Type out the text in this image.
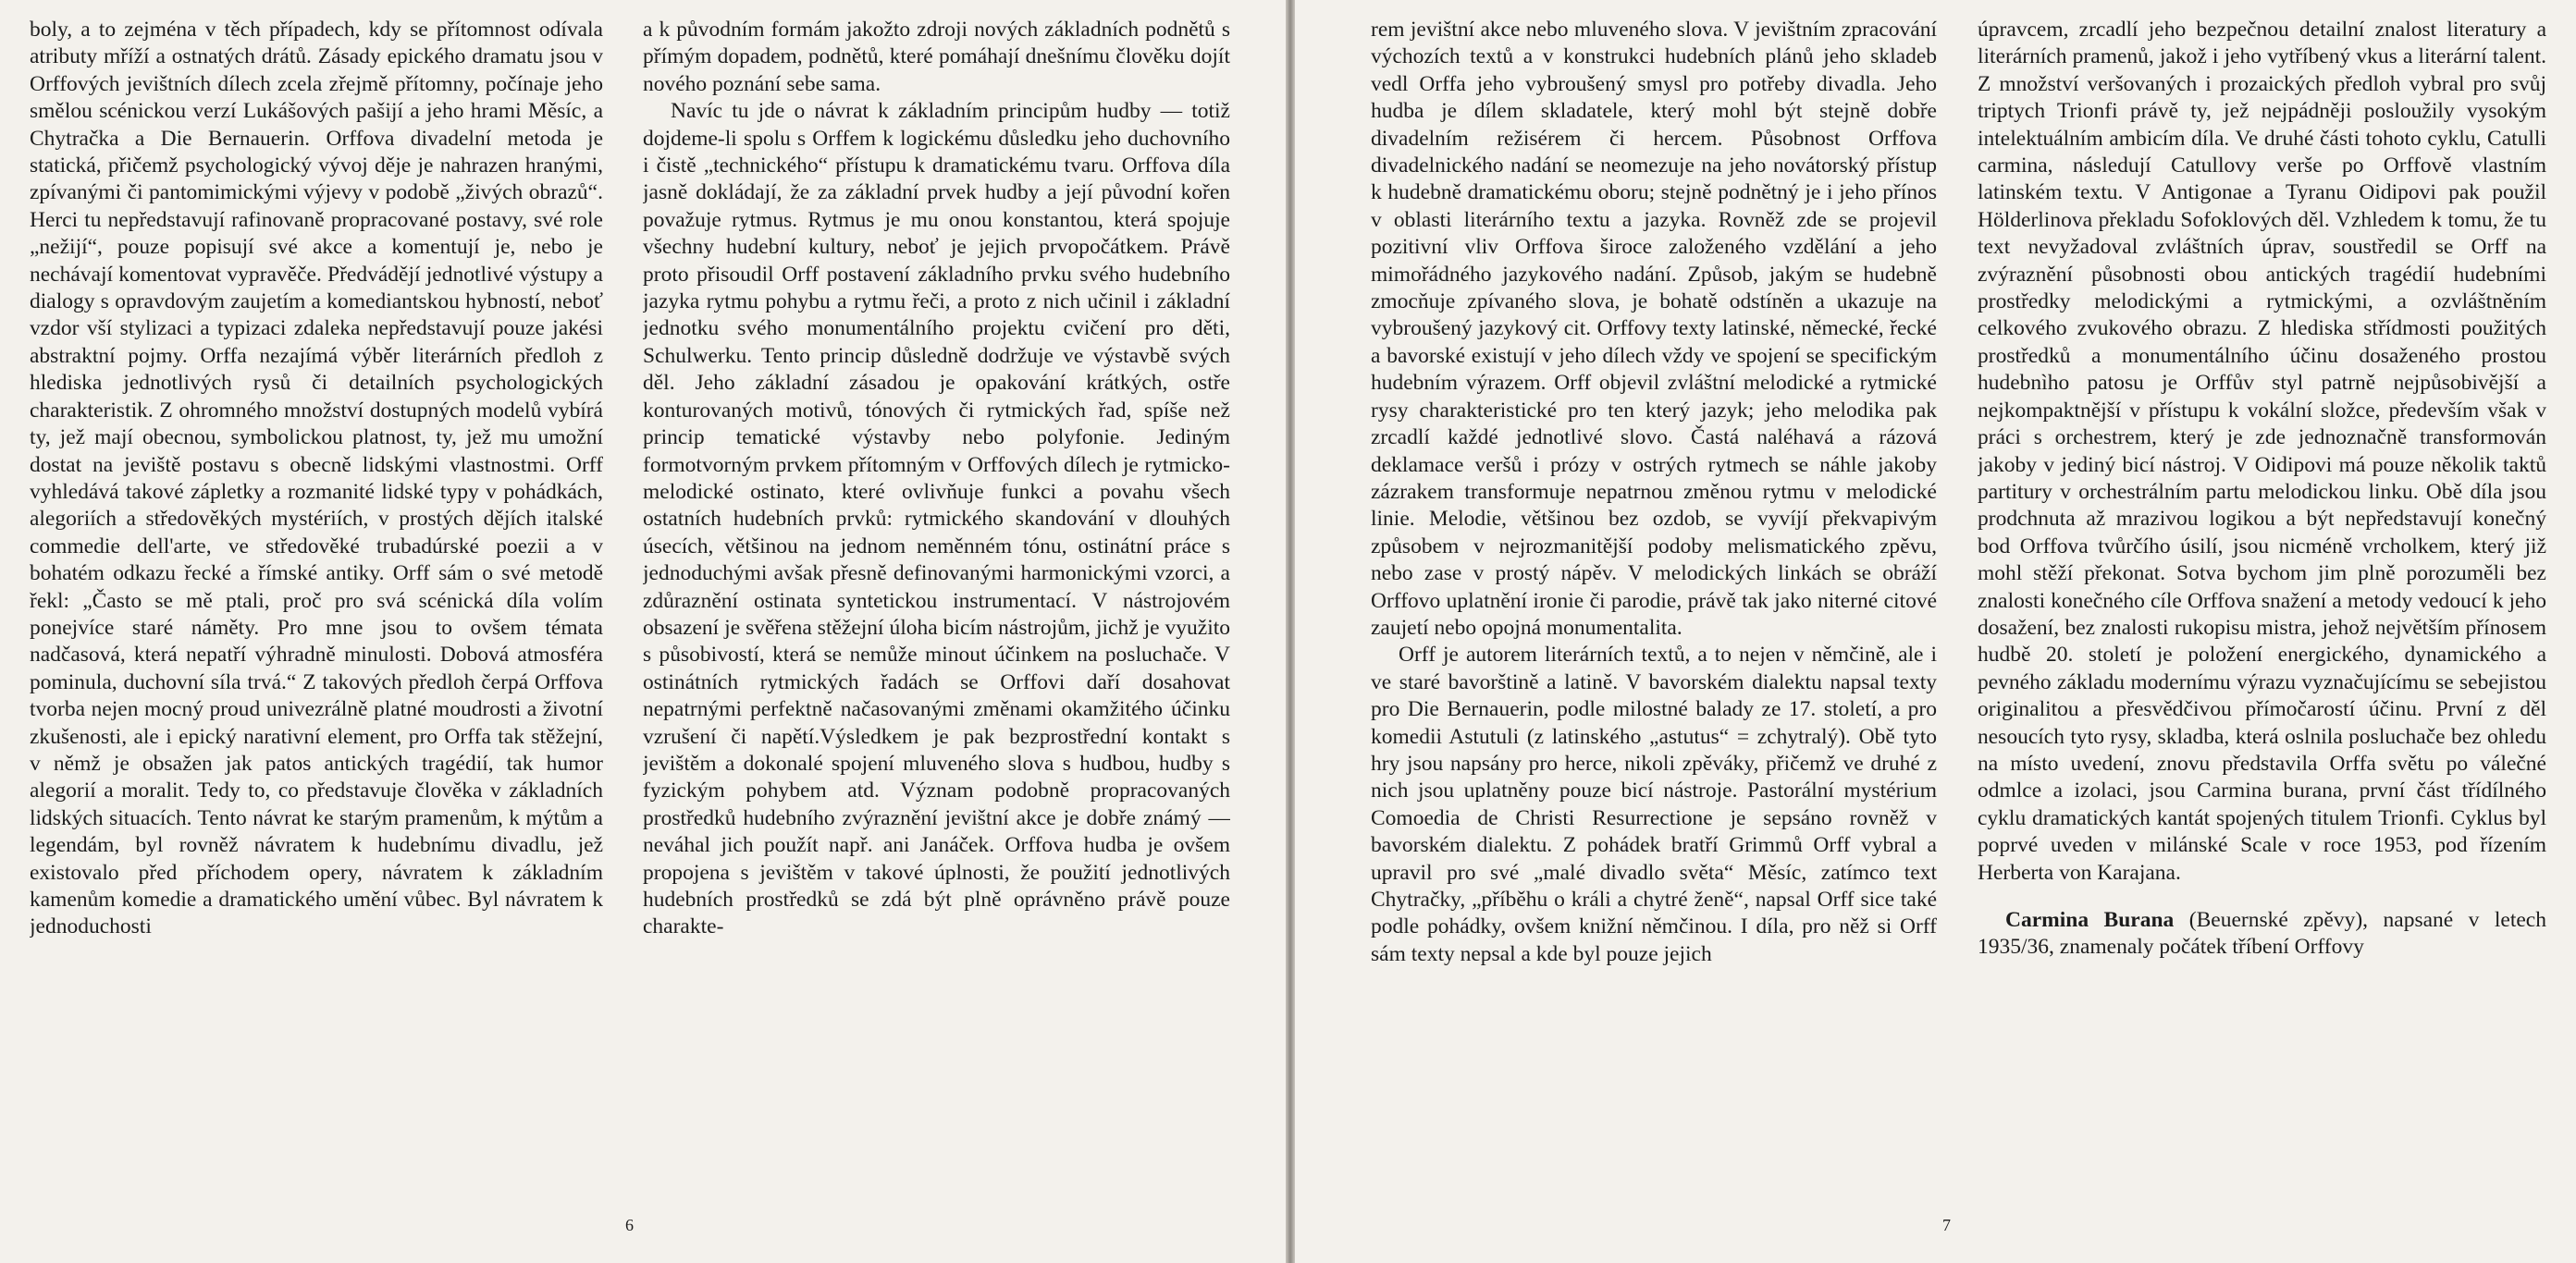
boly, a to zejména v těch případech, kdy se přítomnost odívala atributy mříží a ostnatých drátů. Zásady epického dramatu jsou v Orffových jevištních dílech zcela zřejmě přítomny, počínaje jeho smělou scénickou verzí Lukášových pašijí a jeho hrami Měsíc, a Chytračka a Die Bernauerin. Orffova divadelní metoda je statická, přičemž psychologický vývoj děje je nahrazen hranými, zpívanými či pantomimickými výjevy v podobě „živých obrazů“. Herci tu nepředstavují rafinovaně propracované postavy, své role „nežijí“, pouze popisují své akce a komentují je, nebo je nechávají komentovat vypravěče. Předvádějí jednotlivé výstupy a dialogy s opravdovým zaujetím a komediantskou hybností, neboť vzdor vší stylizaci a typizaci zdaleka nepředstavují pouze jakési abstraktní pojmy. Orffa nezajímá výběr literárních předloh z hlediska jednotlivých rysů či detailních psychologických charakteristik. Z ohromného množství dostupných modelů vybírá ty, jež mají obecnou, symbolickou platnost, ty, jež mu umožní dostat na jeviště postavu s obecně lidskými vlastnostmi. Orff vyhledává takové zápletky a rozmanité lidské typy v pohádkách, alegoriích a středověkých mystériích, v prostých dějích italské commedie dell'arte, ve středověké trubadúrské poezii a v bohatém odkazu řecké a římské antiky. Orff sám o své metodě řekl: „Často se mě ptali, proč pro svá scénická díla volím ponejvíce staré náměty. Pro mne jsou to ovšem témata nadčasová, která nepatří výhradně minulosti. Dobová atmosféra pominula, duchovní síla trvá.“ Z takových předloh čerpá Orffova tvorba nejen mocný proud univezrálně platné moudrosti a životní zkušenosti, ale i epický narativní element, pro Orffa tak stěžejní, v němž je obsažen jak patos antických tragédií, tak humor alegorií a moralit. Tedy to, co představuje člověka v základních lidských situacích. Tento návrat ke starým pramenům, k mýtům a legendám, byl rovněž návratem k hudebnímu divadlu, jež existovalo před příchodem opery, návratem k základním kamenům komedie a dramatického umění vůbec. Byl návratem k jednoduchosti

a k původním formám jakožto zdroji nových základních podnětů s přímým dopadem, podnětů, které pomáhají dnešnímu člověku dojít nového poznání sebe sama.

Navíc tu jde o návrat k základním principům hudby — totiž dojdeme-li spolu s Orffem k logickému důsledku jeho duchovního i čistě „technického“ přístupu k dramatickému tvaru. Orffova díla jasně dokládají, že za základní prvek hudby a její původní kořen považuje rytmus. Rytmus je mu onou konstantou, která spojuje všechny hudební kultury, neboť je jejich prvopočátkem. Právě proto přisoudil Orff postavení základního prvku svého hudebního jazyka rytmu pohybu a rytmu řeči, a proto z nich učinil i základní jednotku svého monumentálního projektu cvičení pro děti, Schulwerku. Tento princip důsledně dodržuje ve výstavbě svých děl. Jeho základní zásadou je opakování krátkých, ostře konturovaných motivů, tónových či rytmických řad, spíše než princip tematické výstavby nebo polyfonie. Jediným formotvorným prvkem přítomným v Orffových dílech je rytmicko-melodické ostinato, které ovlivňuje funkci a povahu všech ostatních hudebních prvků: rytmického skandování v dlouhých úsecích, většinou na jednom neměnném tónu, ostinátní práce s jednoduchými avšak přesně definovanými harmonickými vzorci, a zdůraznění ostinata syntetickou instrumentací. V nástrojovém obsazení je svěřena stěžejní úloha bicím nástrojům, jichž je využito s působivostí, která se nemůže minout účinkem na posluchače. V ostinátních rytmických řadách se Orffovi daří dosahovat nepatrnými perfektně načasovanými změnami okamžitého účinku vzrušení či napětí.Výsledkem je pak bezprostřední kontakt s jevištěm a dokonalé spojení mluveného slova s hudbou, hudby s fyzickým pohybem atd. Význam podobně propracovaných prostředků hudebního zvýraznění jevištní akce je dobře známý — neváhal jich použít např. ani Janáček. Orffova hudba je ovšem propojena s jevištěm v takové úplnosti, že použití jednotlivých hudebních prostředků se zdá být plně oprávněno právě pouze charakte-

6

rem jevištní akce nebo mluveného slova. V jevištním zpracování výchozích textů a v konstrukci hudebních plánů jeho skladeb vedl Orffa jeho vybroušený smysl pro potřeby divadla. Jeho hudba je dílem skladatele, který mohl být stejně dobře divadelním režisérem či hercem. Působnost Orffova divadelnického nadání se neomezuje na jeho novátorský přístup k hudebně dramatickému oboru; stejně podnětný je i jeho přínos v oblasti literárního textu a jazyka. Rovněž zde se projevil pozitivní vliv Orffova široce založeného vzdělání a jeho mimořádného jazykového nadání. Způsob, jakým se hudebně zmocňuje zpívaného slova, je bohatě odstíněn a ukazuje na vybroušený jazykový cit. Orffovy texty latinské, německé, řecké a bavorské existují v jeho dílech vždy ve spojení se specifickým hudebním výrazem. Orff objevil zvláštní melodické a rytmické rysy charakteristické pro ten který jazyk; jeho melodika pak zrcadlí každé jednotlivé slovo. Častá naléhavá a rázová deklamace veršů i prózy v ostrých rytmech se náhle jakoby zázrakem transformuje nepatrnou změnou rytmu v melodické linie. Melodie, většinou bez ozdob, se vyvíjí překvapivým způsobem v nejrozmanitější podoby melismatického zpěvu, nebo zase v prostý nápěv. V melodických linkách se obráží Orffovo uplatnění ironie či parodie, právě tak jako niterné citové zaujetí nebo opojná monumentalita.

Orff je autorem literárních textů, a to nejen v němčině, ale i ve staré bavorštině a latině. V bavorském dialektu napsal texty pro Die Bernauerin, podle milostné balady ze 17. století, a pro komedii Astutuli (z latinského „astutus“ = zchytralý). Obě tyto hry jsou napsány pro herce, nikoli zpěváky, přičemž ve druhé z nich jsou uplatněny pouze bicí nástroje. Pastorální mystérium Comoedia de Christi Resurrectione je sepsáno rovněž v bavorském dialektu. Z pohádek bratří Grimmů Orff vybral a upravil pro své „malé divadlo světa“ Měsíc, zatímco text Chytračky, „příběhu o králi a chytré ženě“, napsal Orff sice také podle pohádky, ovšem knižní němčinou. I díla, pro něž si Orff sám texty nepsal a kde byl pouze jejich

úpravcem, zrcadlí jeho bezpečnou detailní znalost literatury a literárních pramenů, jakož i jeho vytříbený vkus a literární talent. Z množství veršovaných i prozaických předloh vybral pro svůj triptych Trionfi právě ty, jež nejpádněji posloužily vysokým intelektuálním ambicím díla. Ve druhé části tohoto cyklu, Catulli carmina, následují Catullovy verše po Orffově vlastním latinském textu. V Antigonae a Tyranu Oidipovi pak použil Hölderlinova překladu Sofoklových děl. Vzhledem k tomu, že tu text nevyžadoval zvláštních úprav, soustředil se Orff na zvýraznění působnosti obou antických tragédií hudebními prostředky melodickými a rytmickými, a ozvláštněním celkového zvukového obrazu. Z hlediska střídmosti použitých prostředků a monumentálního účinu dosaženého prostou hudebnìho patosu je Orffův styl patrně nejpůsobivější a nejkompaktnější v přístupu k vokální složce, především však v práci s orchestrem, který je zde jednoznačně transformován jakoby v jediný bicí nástroj. V Oidipovi má pouze několik taktů partitury v orchestrálním partu melodickou linku. Obě díla jsou prodchnuta až mrazivou logikou a být nepředstavují konečný bod Orffova tvůrčího úsilí, jsou nicméně vrcholkem, který již mohl stěží překonat. Sotva bychom jim plně porozuměli bez znalosti konečného cíle Orffova snažení a metody vedoucí k jeho dosažení, bez znalosti rukopisu mistra, jehož největším přínosem hudbě 20. století je položení energického, dynamického a pevného základu modernímu výrazu vyznačujícímu se sebejistou originalitou a přesvědčivou přímočarostí účinu. První z děl nesoucích tyto rysy, skladba, která oslnila posluchače bez ohledu na místo uvedení, znovu představila Orffa světu po válečné odmlce a izolaci, jsou Carmina burana, první část třídílného cyklu dramatických kantát spojených titulem Trionfi. Cyklus byl poprvé uveden v milánské Scale v roce 1953, pod řízením Herberta von Karajana.

Carmina Burana (Beuernské zpěvy), napsané v letech 1935/36, znamenaly počátek tříbení Orffovy

7
